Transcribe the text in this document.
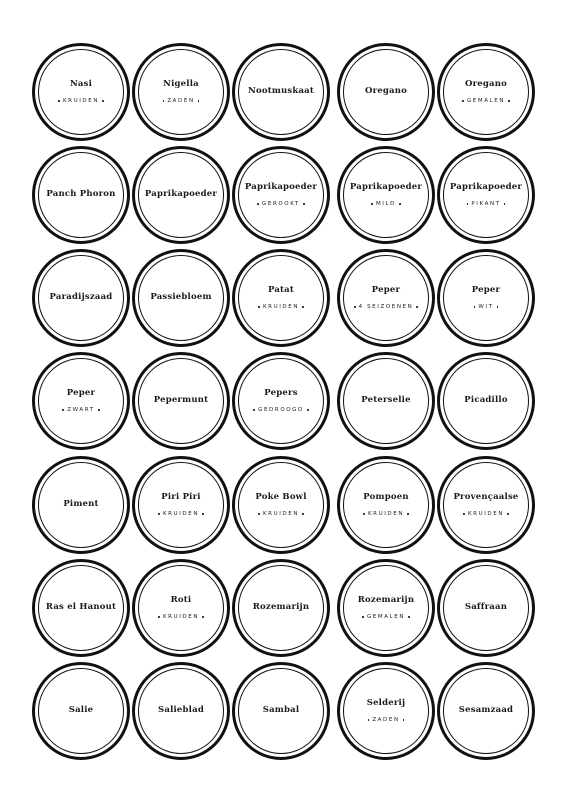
Nasi
KRUIDEN
Nigella
ZADEN
Nootmuskaat	Oregano
Oregano
GEMALEN
Panch Phoron	Paprikapoeder
Paprikapoeder
GEROOKT
Paprikapoeder
MILD
Paprikapoeder
PIKANT
Paradijszaad	Passiebloem
Patat
KRUIDEN
Peper
4 SEIZOENEN
Peper
WIT
Peper
ZWART
Pepermunt
Pepers
GEDROOGD
Peterselie	Picadillo
Piment
Piri Piri
KRUIDEN
Poke Bowl
KRUIDEN
Pompoen
KRUIDEN
Provençaalse
KRUIDEN
Ras el Hanout
Roti
KRUIDEN
Rozemarijn
Rozemarijn
GEMALEN
Saffraan
Salie	Salieblad	Sambal
Selderij
ZADEN
Sesamzaad
